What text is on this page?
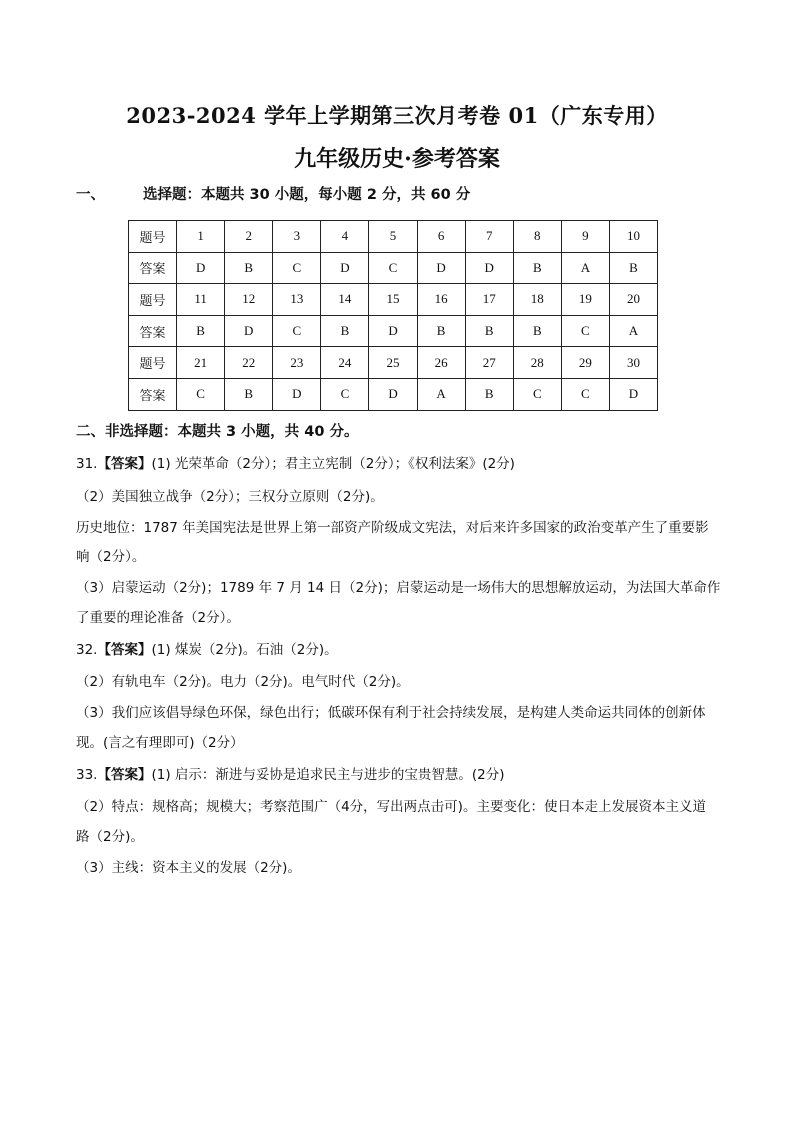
2023-2024 学年上学期第三次月考卷 01（广东专用）
九年级历史·参考答案
一、	选择题：本题共 30 小题，每小题 2 分，共 60 分
题号	1	2	3	4	5	6	7	8	9	10
答案	D	B	C	D	C	D	D	B	A	B
题号	11	12	13	14	15	16	17	18	19	20
答案	B	D	C	B	D	B	B	B	C	A
题号	21	22	23	24	25	26	27	28	29	30
答案	C	B	D	C	D	A	B	C	C	D
二、非选择题：本题共 3 小题，共 40 分。
31.【答案】(1) 光荣革命（2分）；君主立宪制（2分）；《权利法案》(2分)
（2）美国独立战争（2分）；三权分立原则（2分)。
历史地位：1787 年美国宪法是世界上第一部资产阶级成文宪法，对后来许多国家的政治变革产生了重要影
响（2分）。
（3）启蒙运动（2分)；1789 年 7 月 14 日（2分)；启蒙运动是一场伟大的思想解放运动，为法国大革命作
了重要的理论准备（2分）。
32.【答案】(1) 煤炭（2分)。石油（2分)。
（2）有轨电车（2分)。电力（2分)。电气时代（2分)。
（3）我们应该倡导绿色环保，绿色出行；低碳环保有利于社会持续发展，是构建人类命运共同体的创新体
现。(言之有理即可)（2分）
33.【答案】(1) 启示：渐进与妥协是追求民主与进步的宝贵智慧。(2分)
（2）特点：规格高；规模大；考察范围广（4分，写出两点击可)。主要变化：使日本走上发展资本主义道
路（2分)。
（3）主线：资本主义的发展（2分)。
